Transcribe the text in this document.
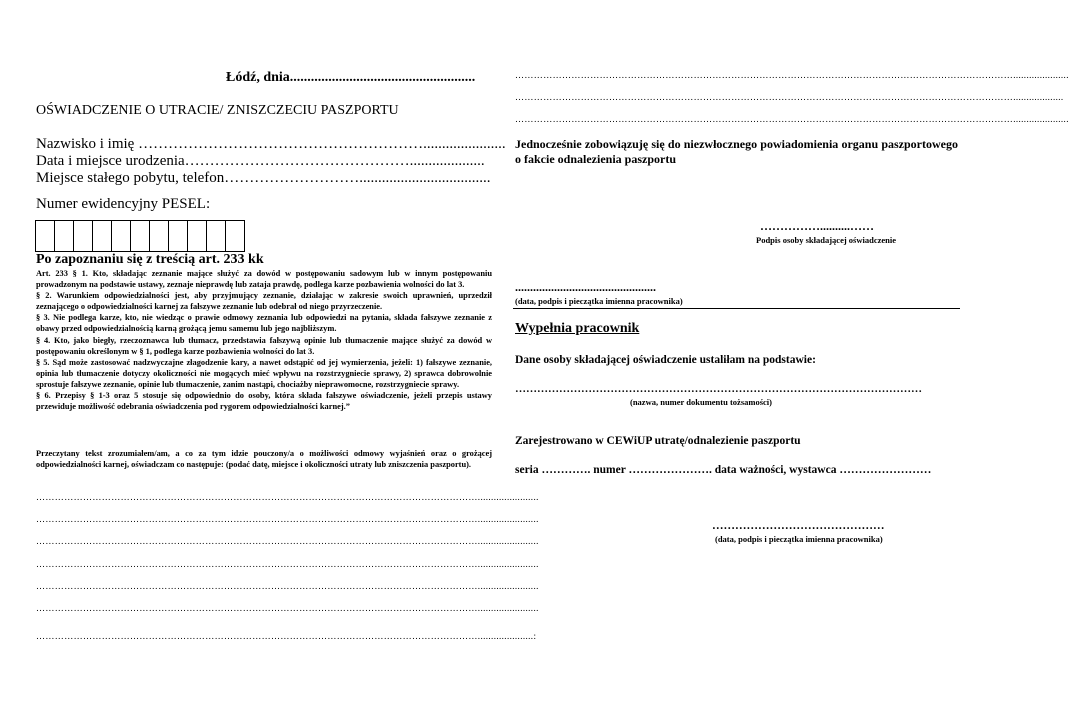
Łódź, dnia.....................................................
OŚWIADCZENIE O UTRACIE/ ZNISZCZECIU PASZPORTU
Nazwisko i imię …………………………………………………......................
Data i miejsce urodzenia………………………………………....................
Miejsce stałego pobytu, telefon………………………...................................
Numer ewidencyjny PESEL:
Po zapoznaniu się z treścią art. 233 kk

Art. 233 § 1. Kto, składając zeznanie mające służyć za dowód w postępowaniu sadowym lub w innym postępowaniu prowadzonym na podstawie ustawy, zeznaje nieprawdę lub zataja prawdę, podlega karze pozbawienia wolności do lat 3.

§ 2. Warunkiem odpowiedzialności jest, aby przyjmujący zeznanie, działając w zakresie swoich uprawnień, uprzedził zeznającego o odpowiedzialności karnej za fałszywe zeznanie lub odebrał od niego przyrzeczenie.

§ 3. Nie podlega karze, kto, nie wiedząc o prawie odmowy zeznania lub odpowiedzi na pytania, składa fałszywe zeznanie z obawy przed odpowiedzialnością karną grożącą jemu samemu lub jego najbliższym.

§ 4. Kto, jako biegły, rzeczoznawca lub tłumacz, przedstawia fałszywą opinie lub tłumaczenie mające służyć za dowód w postępowaniu określonym w § 1, podlega karze pozbawienia wolności do lat 3.

§ 5. Sąd może zastosować nadzwyczajne złagodzenie kary, a nawet odstąpić od jej wymierzenia, jeżeli: 1) fałszywe zeznanie, opinia lub tłumaczenie dotyczy okoliczności nie mogących mieć wpływu na rozstrzygniecie sprawy, 2) sprawca dobrowolnie sprostuje fałszywe zeznanie, opinie lub tłumaczenie, zanim nastąpi, chociażby nieprawomocne, rozstrzygniecie sprawy.

§ 6. Przepisy § 1-3 oraz 5 stosuje się odpowiednio do osoby, która składa fałszywe oświadczenie, jeżeli przepis ustawy przewiduje możliwość odebrania oświadczenia pod rygorem odpowiedzialności karnej.”

Przeczytany tekst zrozumiałem/am, a co za tym idzie pouczony/a o możliwości odmowy wyjaśnień oraz o grożącej odpowiedzialności karnej, oświadczam co następuje: (podać datę, miejsce i okoliczności utraty lub zniszczenia paszportu).
…………………………………………………………………………………………………………………………….......................
…………………………………………………………………………………………………………………………….......................
…………………………………………………………………………………………………………………………….......................
…………………………………………………………………………………………………………………………….......................
…………………………………………………………………………………………………………………………….......................
…………………………………………………………………………………………………………………………….......................
…………………………………………………………………………………………………………………………….....................:
…………………………………………………………………………………………………………………………………………….....................
……………………………………………………………………………………………………………………………………………...................
…………………………………………………………………………………………………………………………………………….....................
Jednocześnie zobowiązuję się do niezwłocznego powiadomienia organu paszportowego o fakcie odnalezienia paszportu
……………..........……
Podpis osoby składającej oświadczenie
...............................................
(data, podpis i pieczątka imienna pracownika)
Wypełnia pracownik
Dane osoby składającej oświadczenie ustaliłam na podstawie:
…………………………………………………………………………………………………
(nazwa, numer dokumentu tożsamości)
Zarejestrowano w CEWiUP utratę/odnalezienie paszportu
seria …………. numer …………………. data ważności, wystawca ……………………
………………………………………
(data, podpis i pieczątka imienna pracownika)
